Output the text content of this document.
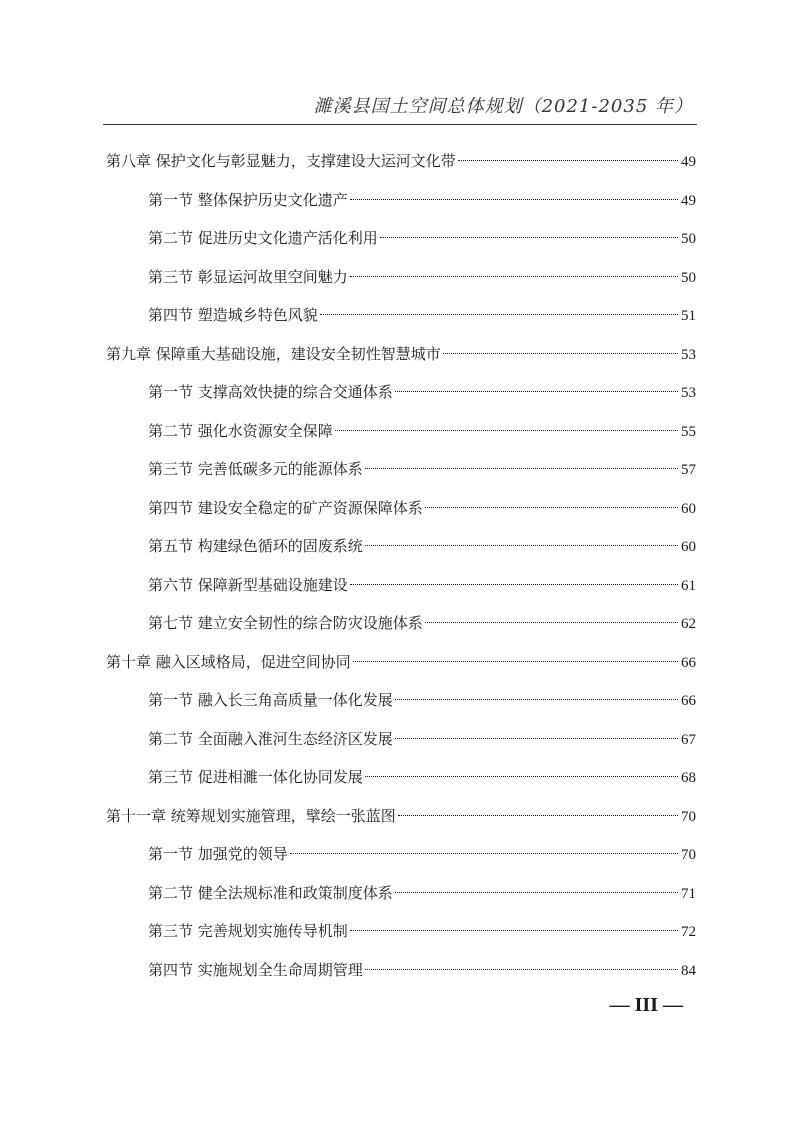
濉溪县国土空间总体规划（2021-2035 年）
第八章 保护文化与彰显魅力，支撑建设大运河文化带	49
第一节 整体保护历史文化遗产	49
第二节 促进历史文化遗产活化利用	50
第三节 彰显运河故里空间魅力	50
第四节 塑造城乡特色风貌	51
第九章 保障重大基础设施，建设安全韧性智慧城市	53
第一节 支撑高效快捷的综合交通体系	53
第二节 强化水资源安全保障	55
第三节 完善低碳多元的能源体系	57
第四节 建设安全稳定的矿产资源保障体系	60
第五节 构建绿色循环的固废系统	60
第六节 保障新型基础设施建设	61
第七节 建立安全韧性的综合防灾设施体系	62
第十章 融入区域格局，促进空间协同	66
第一节 融入长三角高质量一体化发展	66
第二节 全面融入淮河生态经济区发展	67
第三节 促进相濉一体化协同发展	68
第十一章 统筹规划实施管理，擘绘一张蓝图	70
第一节 加强党的领导	70
第二节 健全法规标准和政策制度体系	71
第三节 完善规划实施传导机制	72
第四节 实施规划全生命周期管理	84
— III —
